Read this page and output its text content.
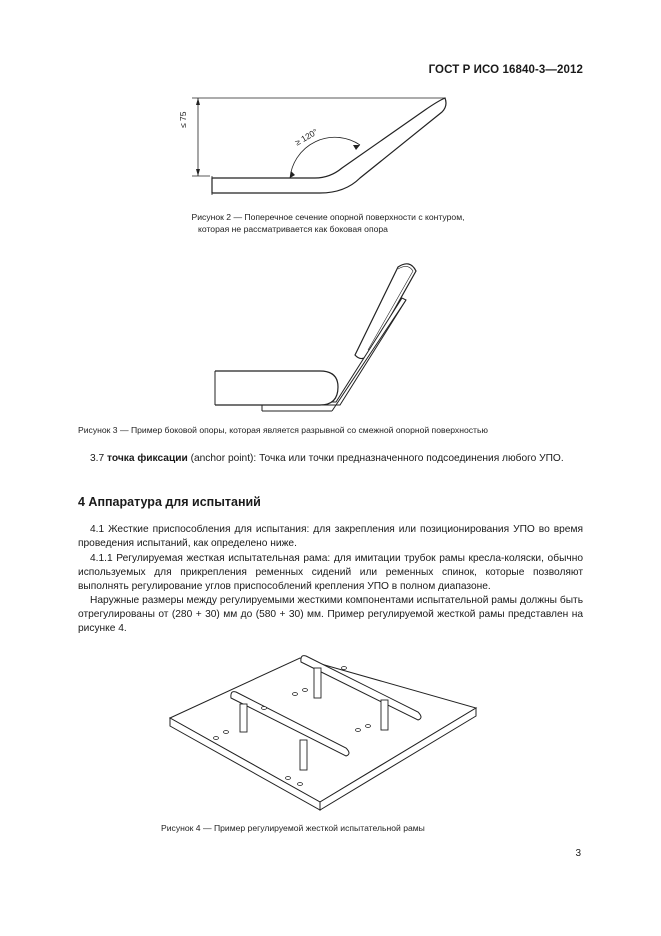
ГОСТ Р ИСО 16840-3—2012
≤ 75
≥ 120°
Рисунок 2 — Поперечное сечение опорной поверхности с контуром,
которая не рассматривается как боковая опора
Рисунок 3 — Пример боковой опоры, которая является разрывной со смежной опорной поверхностью
3.7 точка фиксации (anchor point): Точка или точки предназначенного подсоединения любого УПО.
4 Аппаратура для испытаний
4.1 Жесткие приспособления для испытания: для закрепления или позиционирования УПО во время проведения испытаний, как определено ниже.
4.1.1 Регулируемая жесткая испытательная рама: для имитации трубок рамы кресла-коляски, обычно используемых для прикрепления ременных сидений или ременных спинок, которые позволяют выполнять регулирование углов приспособлений крепления УПО в полном диапазоне.
Наружные размеры между регулируемыми жесткими компонентами испытательной рамы должны быть отрегулированы от (280 + 30) мм до (580 + 30) мм. Пример регулируемой жесткой рамы представлен на рисунке 4.
Рисунок 4 — Пример регулируемой жесткой испытательной рамы
3
